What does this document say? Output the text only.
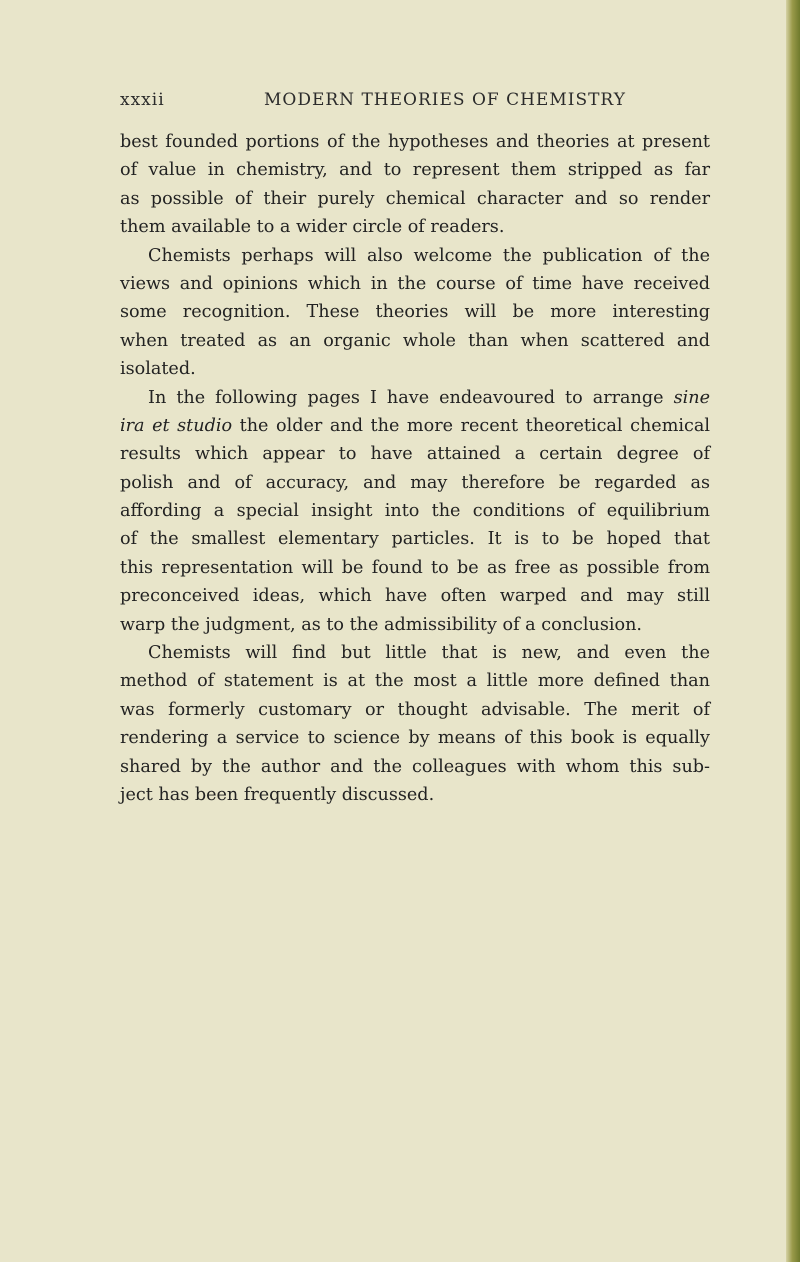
xxxii	MODERN THEORIES OF CHEMISTRY
best founded portions of the hypotheses and theories at present
of value in chemistry, and to represent them stripped as far
as possible of their purely chemical character and so render
them available to a wider circle of readers.
Chemists perhaps will also welcome the publication of the
views and opinions which in the course of time have received
some recognition. These theories will be more interesting
when treated as an organic whole than when scattered and
isolated.
In the following pages I have endeavoured to arrange sine
ira et studio the older and the more recent theoretical chemical
results which appear to have attained a certain degree of
polish and of accuracy, and may therefore be regarded as
affording a special insight into the conditions of equilibrium
of the smallest elementary particles. It is to be hoped that
this representation will be found to be as free as possible from
preconceived ideas, which have often warped and may still
warp the judgment, as to the admissibility of a conclusion.
Chemists will find but little that is new, and even the
method of statement is at the most a little more defined than
was formerly customary or thought advisable. The merit of
rendering a service to science by means of this book is equally
shared by the author and the colleagues with whom this sub-
ject has been frequently discussed.
